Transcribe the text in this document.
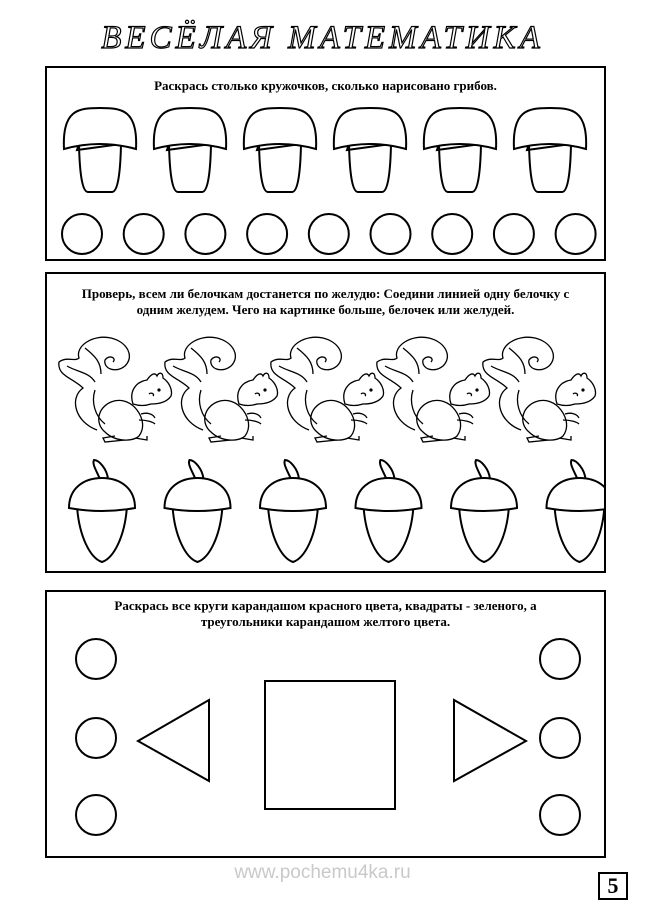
ВЕСЁЛАЯ МАТЕМАТИКА
Раскрась столько кружочков, сколько нарисовано грибов.
Проверь, всем ли белочкам достанется по желудю: Соедини линией одну белочку с
одним желудем. Чего на картинке больше, белочек или желудей.
Раскрась все круги карандашом красного цвета, квадраты - зеленого, а
треугольники карандашом желтого цвета.
www.pochemu4ka.ru
5
